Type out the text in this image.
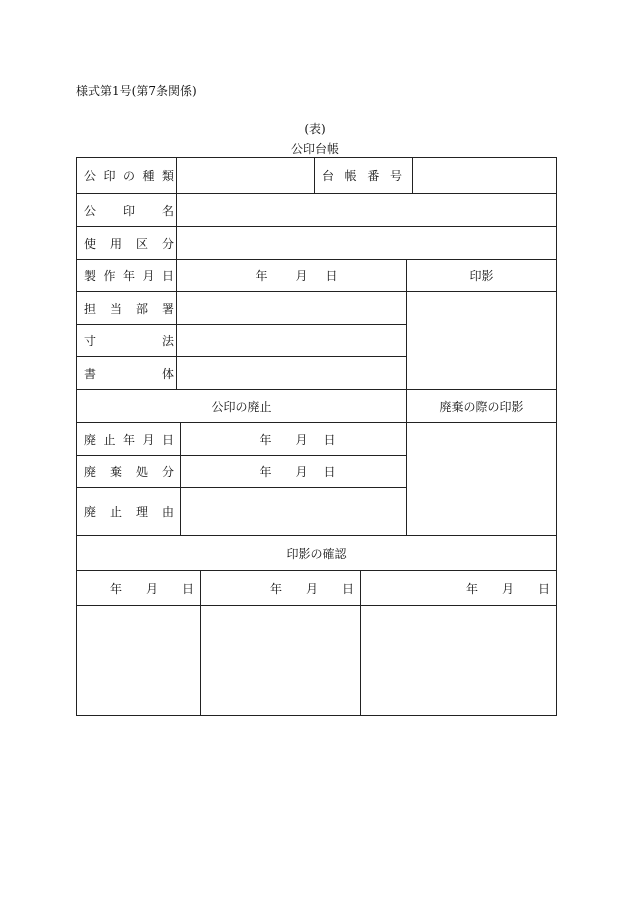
様式第1号(第7条関係)
(表)
公印台帳
公 印 の 種 類			台 帳 番 号		

公 印 名					

使 用 区 分					

製 作 年 月 日	年 月 日			印影	

担 当 部 署					

寸 法					

書 体					

公印の廃止				廃棄の際の印影	

廃 止 年 月 日		年 月 日			

廃 棄 処 分		年 月 日			

廃 止 理 由					

印影の確認					
年 月 日	年 月 日	年 月 日
